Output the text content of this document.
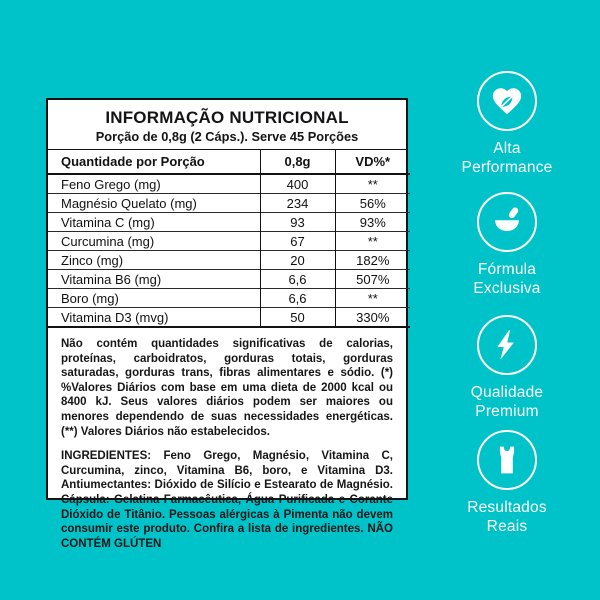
INFORMAÇÃO NUTRICIONAL
Porção de 0,8g (2 Cáps.). Serve 45 Porções
Quantidade por Porção	0,8g	VD%*
Feno Grego (mg)	400	**
Magnésio Quelato (mg)	234	56%
Vitamina C (mg)	93	93%
Curcumina (mg)	67	**
Zinco (mg)	20	182%
Vitamina B6 (mg)	6,6	507%
Boro (mg)	6,6	**
Vitamina D3 (mvg)	50	330%

Não contém quantidades significativas de calorias, proteínas, carboidratos, gorduras totais, gorduras saturadas, gorduras trans, fibras alimentares e sódio. (*) %Valores Diários com base em uma dieta de 2000 kcal ou 8400 kJ. Seus valores diários podem ser maiores ou menores dependendo de suas necessidades energéticas. (**) Valores Diários não estabelecidos.

INGREDIENTES: Feno Grego, Magnésio, Vitamina C, Curcumina, zinco, Vitamina B6, boro, e Vitamina D3. Antiumectantes: Dióxido de Silício e Estearato de Magnésio. Cápsula: Gelatina Farmacêutica, Água Purificada e Corante Dióxido de Titânio. Pessoas alérgicas à Pimenta não devem consumir este produto. Confira a lista de ingredientes. NÃO CONTÉM GLÚTEN

Alta
Performance
Fórmula
Exclusiva
Qualidade
Premium
Resultados
Reais
